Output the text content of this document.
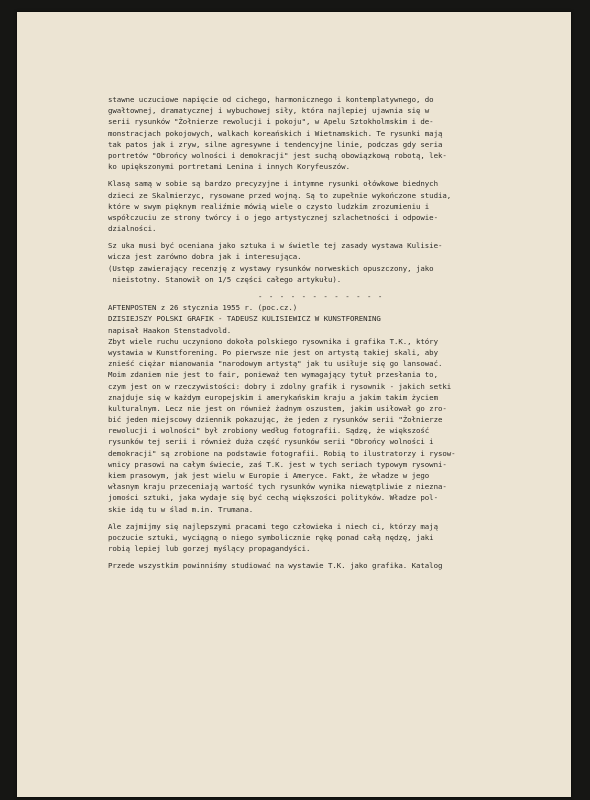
stawne uczuciowe napięcie od cichego, harmonicznego i kontemplatywnego, do
gwałtownej, dramatycznej i wybuchowej siły, która najlepiej ujawnia się w
serii rysunków "Żołnierze rewolucji i pokoju", w Apelu Sztokholmskim i de-
monstracjach pokojowych, walkach koreańskich i Wietnamskich. Te rysunki mają
tak patos jak i zryw, silne agresywne i tendencyjne linie, podczas gdy seria
portretów "Obrońcy wolności i demokracji" jest suchą obowiązkową robotą, lek-
ko upiększonymi portretami Lenina i innych Koryfeuszów.
Klasą samą w sobie są bardzo precyzyjne i intymne rysunki ołówkowe biednych
dzieci ze Skalmierzyc, rysowane przed wojną. Są to zupełnie wykończone studia,
które w swym pięknym realiźmie mówią wiele o czysto ludzkim zrozumieniu i
współczuciu ze strony twórcy i o jego artystycznej szlachetności i odpowie-
dzialności.
Sz uka musi być oceniana jako sztuka i w świetle tej zasady wystawa Kulisie-
wicza jest zarówno dobra jak i interesująca.
(Ustęp zawierający recenzję z wystawy rysunków norweskich opuszczony, jako
nieistotny. Stanowił on 1/5 części całego artykułu).
- - - - - - - - - - - -
AFTENPOSTEN z 26 stycznia 1955 r. (poc.cz.)
DZISIEJSZY POLSKI GRAFIK - TADEUSZ KULISIEWICZ W KUNSTFORENING
napisał Haakon Stenstadvold.
Zbyt wiele ruchu uczyniono dokoła polskiego rysownika i grafika T.K., który
wystawia w Kunstforening. Po pierwsze nie jest on artystą takiej skali, aby
znieść ciężar mianowania "narodowym artystą" jak tu usiłuje się go lansować.
Moim zdaniem nie jest to fair, ponieważ ten wymagający tytuł przesłania to,
czym jest on w rzeczywistości: dobry i zdolny grafik i rysownik - jakich setki
znajduje się w każdym europejskim i amerykańskim kraju a jakim takim życiem
kulturalnym. Lecz nie jest on również żadnym oszustem, jakim usiłował go zro-
bić jeden miejscowy dziennik pokazując, że jeden z rysunków serii "Żołnierze
rewolucji i wolności" był zrobiony według fotografii. Sądzę, że większość
rysunków tej serii i również duża część rysunków serii "Obrońcy wolności i
demokracji" są zrobione na podstawie fotografii. Robią to ilustratorzy i rysow-
wnicy prasowi na całym świecie, zaś T.K. jest w tych seriach typowym rysowni-
kiem prasowym, jak jest wielu w Europie i Ameryce. Fakt, że władze w jego
własnym kraju przeceniają wartość tych rysunków wynika niewątpliwie z niezna-
jomości sztuki, jaka wydaje się być cechą większości polityków. Władze pol-
skie idą tu w ślad m.in. Trumana.
Ale zajmijmy się najlepszymi pracami tego człowieka i niech ci, którzy mają
poczucie sztuki, wyciągną o niego symbolicznie rękę ponad całą nędzę, jaki
robią lepiej lub gorzej myślący propagandyści.
Przede wszystkim powinniśmy studiować na wystawie T.K. jako grafika. Katalog
